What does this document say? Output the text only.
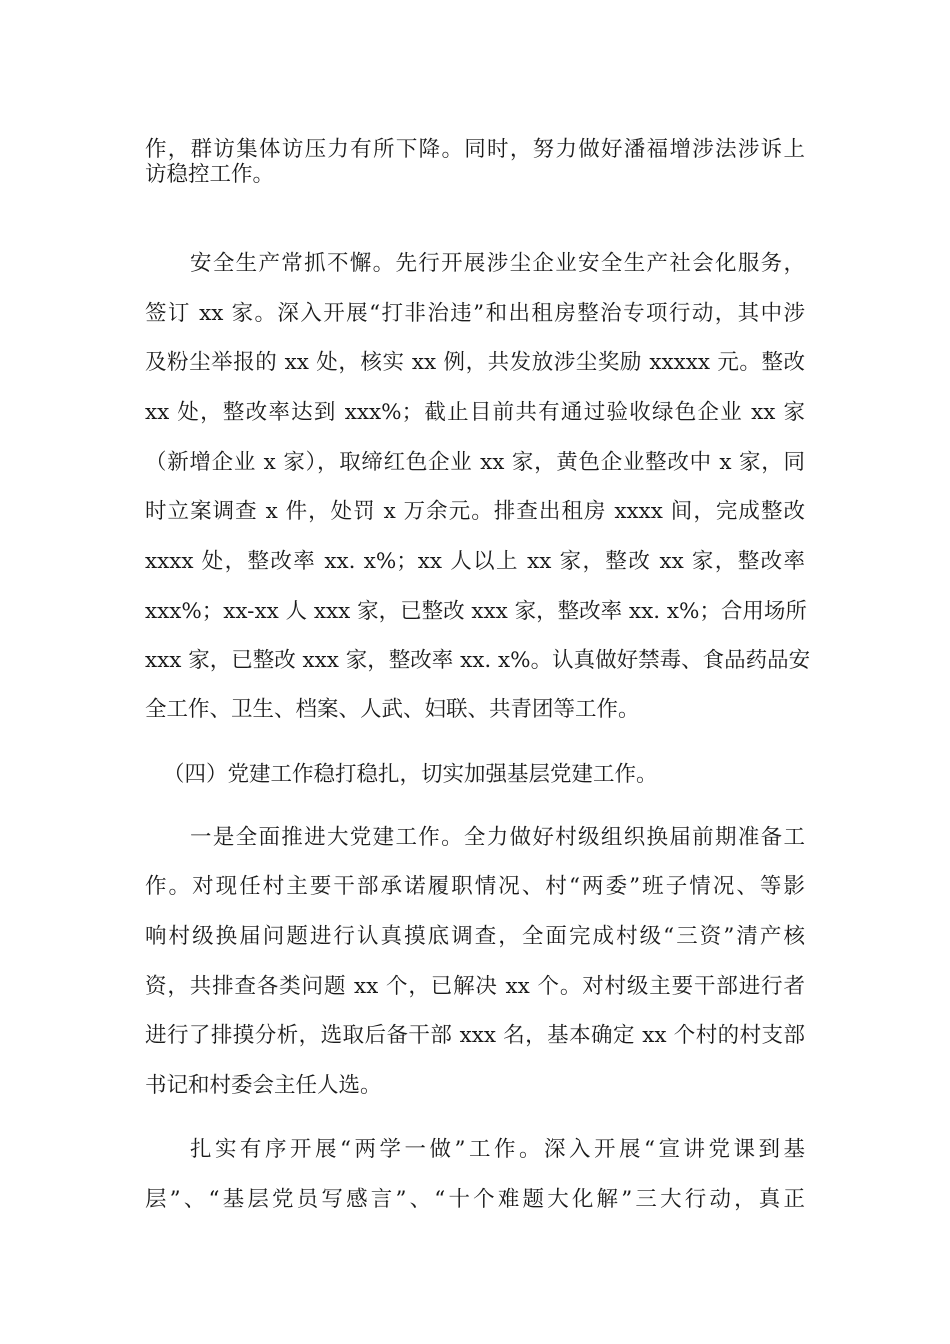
作，群访集体访压力有所下降。同时，努力做好潘福增涉法涉诉上
访稳控工作。
安全生产常抓不懈。先行开展涉尘企业安全生产社会化服务，
签订 xx 家。深入开展“打非治违”和出租房整治专项行动，其中涉
及粉尘举报的 xx 处，核实 xx 例，共发放涉尘奖励 xxxxx 元。整改
xx 处，整改率达到 xxx%；截止目前共有通过验收绿色企业 xx 家
（新增企业 x 家），取缔红色企业 xx 家，黄色企业整改中 x 家，同
时立案调查 x 件，处罚 x 万余元。排查出租房 xxxx 间，完成整改
xxxx 处，整改率 xx. x%；xx 人以上 xx 家，整改 xx 家，整改率
xxx%；xx-xx 人 xxx 家，已整改 xxx 家，整改率 xx. x%；合用场所
xxx 家，已整改 xxx 家，整改率 xx. x%。认真做好禁毒、食品药品安
全工作、卫生、档案、人武、妇联、共青团等工作。
（四）党建工作稳打稳扎，切实加强基层党建工作。
一是全面推进大党建工作。全力做好村级组织换届前期准备工
作。对现任村主要干部承诺履职情况、村“两委”班子情况、等影
响村级换届问题进行认真摸底调查，全面完成村级“三资”清产核
资，共排查各类问题 xx 个，已解决 xx 个。对村级主要干部进行者
进行了排摸分析，选取后备干部 xxx 名，基本确定 xx 个村的村支部
书记和村委会主任人选。
扎实有序开展“两学一做”工作。深入开展“宣讲党课到基
层”、“基层党员写感言”、“十个难题大化解”三大行动，真正
